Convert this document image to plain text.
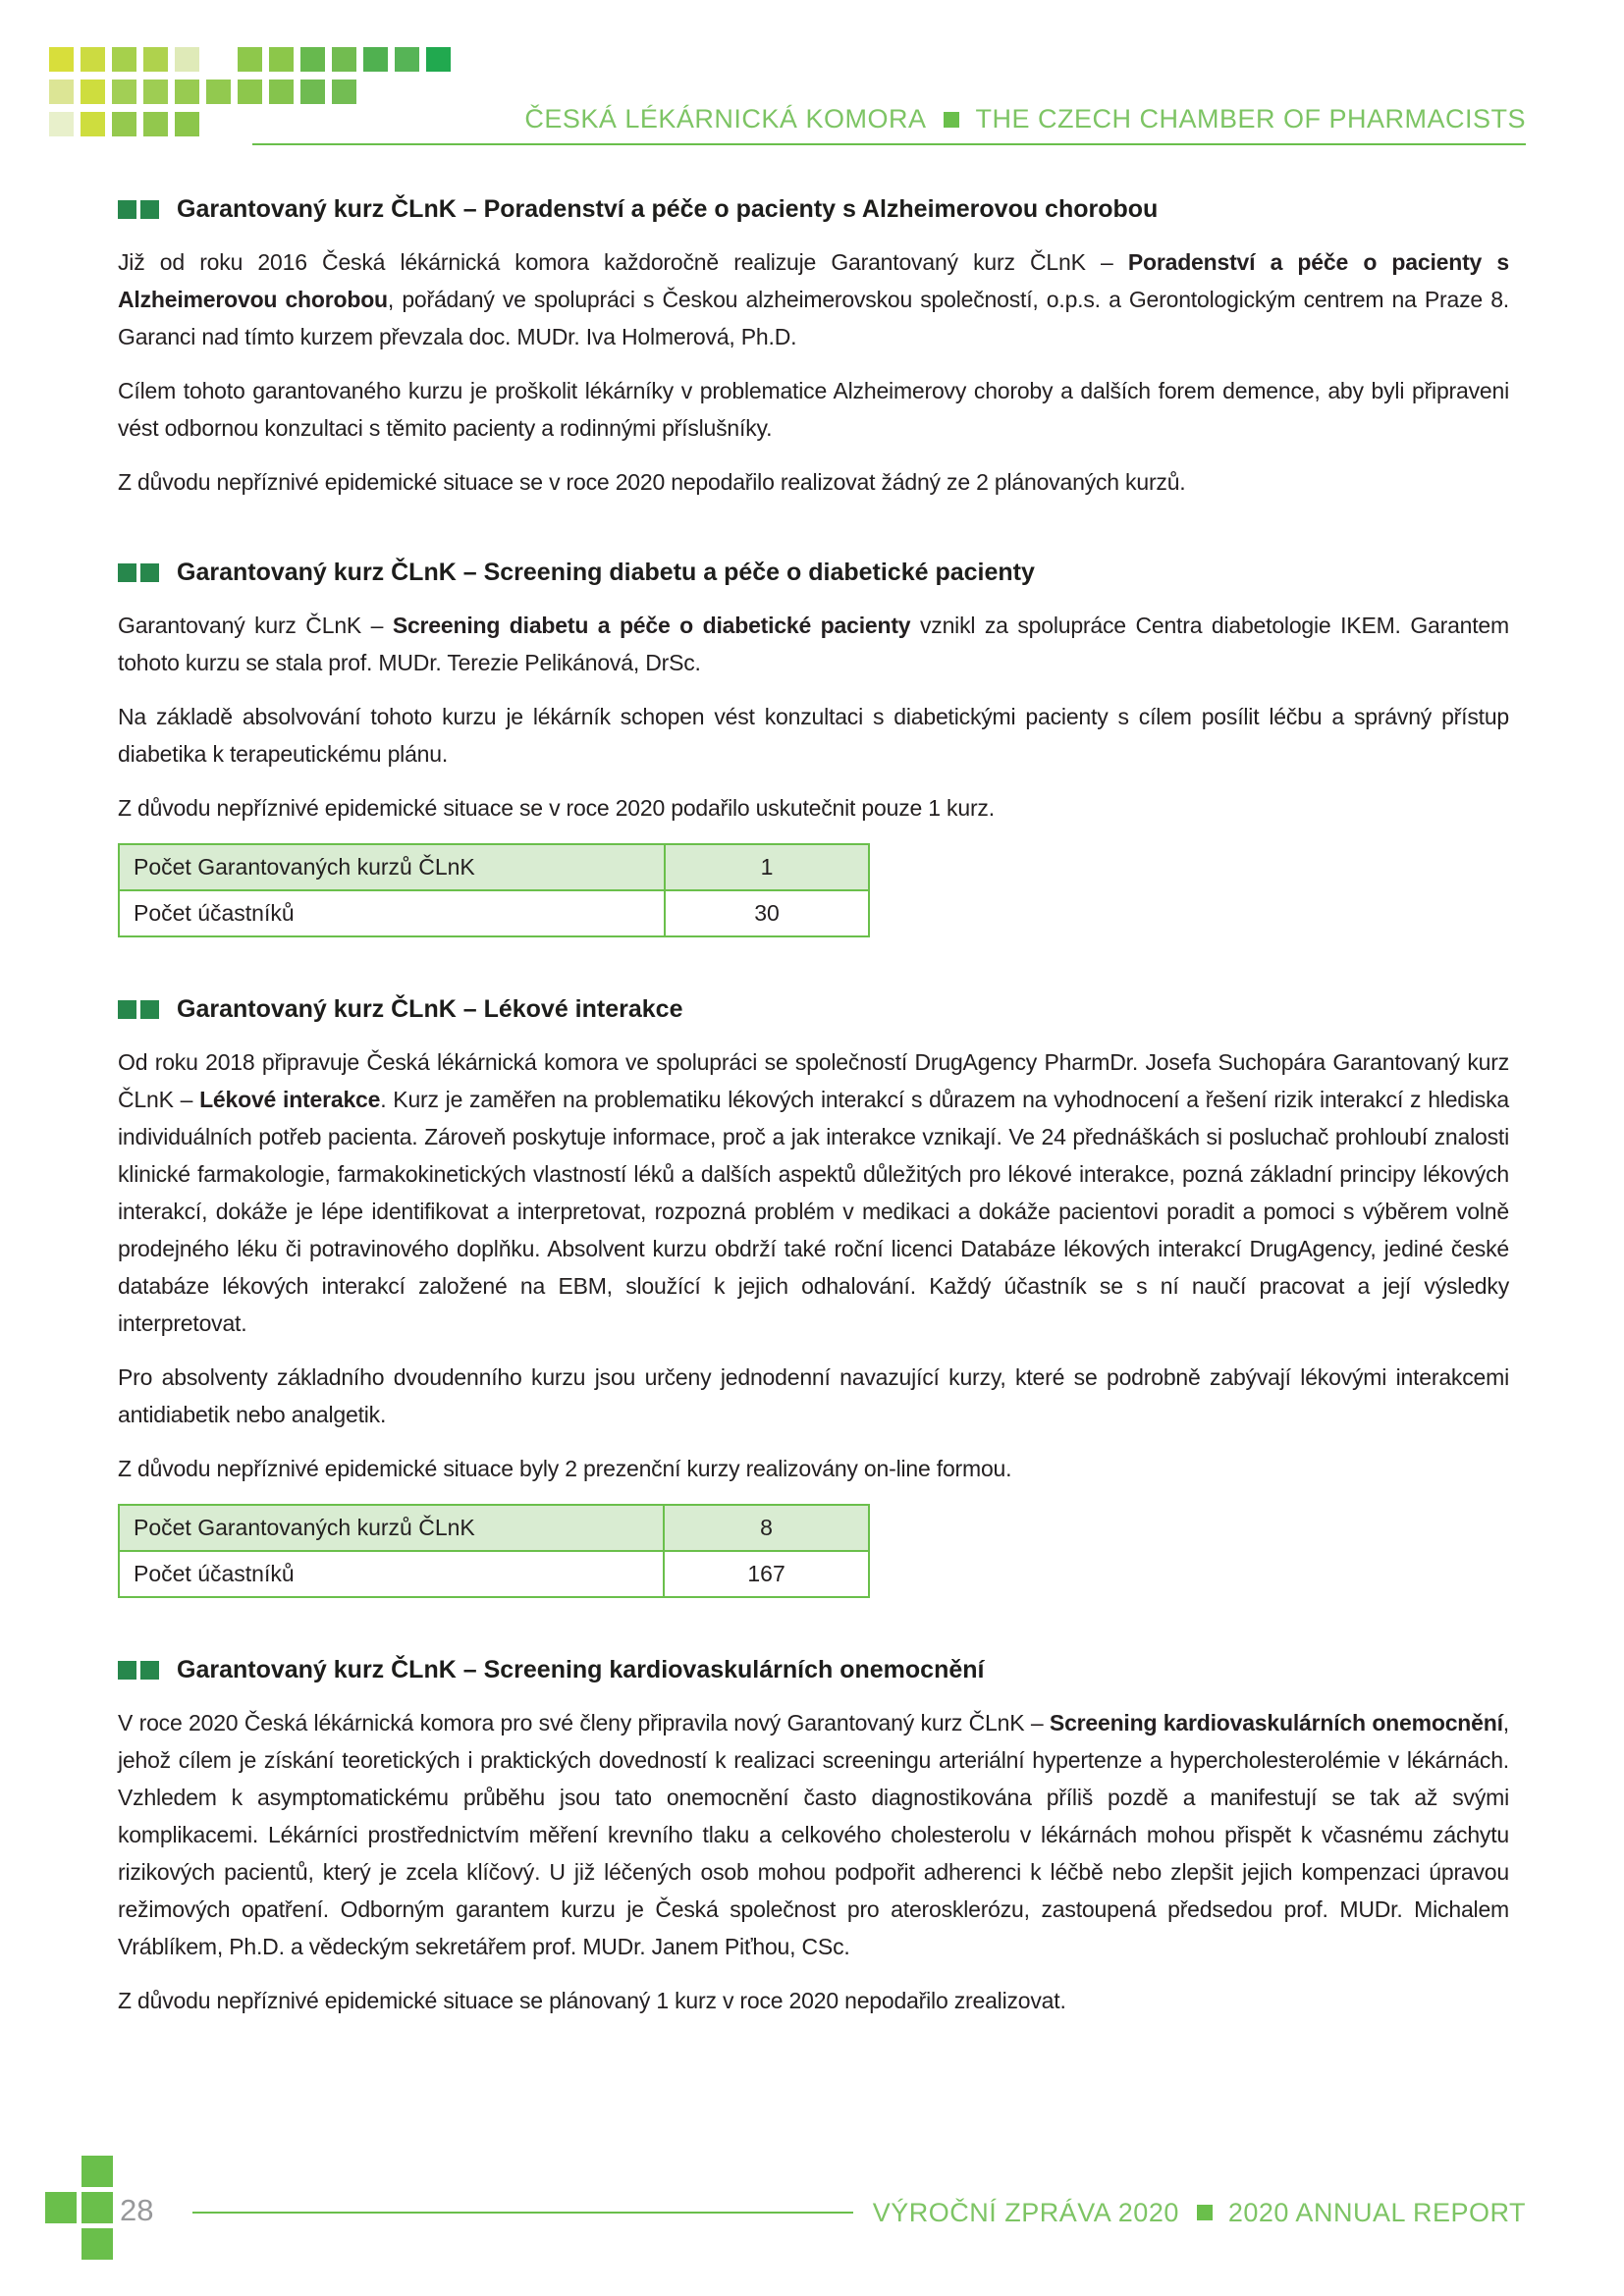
ČESKÁ LÉKÁRNICKÁ KOMORA THE CZECH CHAMBER OF PHARMACISTS
Garantovaný kurz ČLnK – Poradenství a péče o pacienty s Alzheimerovou chorobou

Již od roku 2016 Česká lékárnická komora každoročně realizuje Garantovaný kurz ČLnK – Poradenství a péče o pacienty s Alzheimerovou chorobou, pořádaný ve spolupráci s Českou alzheimerovskou společností, o.p.s. a Gerontologickým centrem na Praze 8. Garanci nad tímto kurzem převzala doc. MUDr. Iva Holmerová, Ph.D.

Cílem tohoto garantovaného kurzu je proškolit lékárníky v problematice Alzheimerovy choroby a dalších forem demence, aby byli připraveni vést odbornou konzultaci s těmito pacienty a rodinnými příslušníky.

Z důvodu nepříznivé epidemické situace se v roce 2020 nepodařilo realizovat žádný ze 2 plánovaných kurzů.

Garantovaný kurz ČLnK – Screening diabetu a péče o diabetické pacienty

Garantovaný kurz ČLnK – Screening diabetu a péče o diabetické pacienty vznikl za spolupráce Centra diabetologie IKEM. Garantem tohoto kurzu se stala prof. MUDr. Terezie Pelikánová, DrSc.

Na základě absolvování tohoto kurzu je lékárník schopen vést konzultaci s diabetickými pacienty s cílem posílit léčbu a správný přístup diabetika k terapeutickému plánu.

Z důvodu nepříznivé epidemické situace se v roce 2020 podařilo uskutečnit pouze 1 kurz.

Počet Garantovaných kurzů ČLnK	1
Počet účastníků	30
Garantovaný kurz ČLnK – Lékové interakce

Od roku 2018 připravuje Česká lékárnická komora ve spolupráci se společností DrugAgency PharmDr. Josefa Suchopára Garantovaný kurz ČLnK – Lékové interakce. Kurz je zaměřen na problematiku lékových interakcí s důrazem na vyhodnocení a řešení rizik interakcí z hlediska individuálních potřeb pacienta. Zároveň poskytuje informace, proč a jak interakce vznikají. Ve 24 přednáškách si posluchač prohloubí znalosti klinické farmakologie, farmakokinetických vlastností léků a dalších aspektů důležitých pro lékové interakce, pozná základní principy lékových interakcí, dokáže je lépe identifikovat a interpretovat, rozpozná problém v medikaci a dokáže pacientovi poradit a pomoci s výběrem volně prodejného léku či potravinového doplňku. Absolvent kurzu obdrží také roční licenci Databáze lékových interakcí DrugAgency, jediné české databáze lékových interakcí založené na EBM, sloužící k jejich odhalování. Každý účastník se s ní naučí pracovat a její výsledky interpretovat.

Pro absolventy základního dvoudenního kurzu jsou určeny jednodenní navazující kurzy, které se podrobně zabývají lékovými interakcemi antidiabetik nebo analgetik.

Z důvodu nepříznivé epidemické situace byly 2 prezenční kurzy realizovány on-line formou.

Počet Garantovaných kurzů ČLnK	8
Počet účastníků	167
Garantovaný kurz ČLnK – Screening kardiovaskulárních onemocnění

V roce 2020 Česká lékárnická komora pro své členy připravila nový Garantovaný kurz ČLnK – Screening kardiovaskulárních onemocnění, jehož cílem je získání teoretických i praktických dovedností k realizaci screeningu arteriální hypertenze a hypercholesterolémie v lékárnách. Vzhledem k asymptomatickému průběhu jsou tato onemocnění často diagnostikována příliš pozdě a manifestují se tak až svými komplikacemi. Lékárníci prostřednictvím měření krevního tlaku a celkového cholesterolu v lékárnách mohou přispět k včasnému záchytu rizikových pacientů, který je zcela klíčový. U již léčených osob mohou podpořit adherenci k léčbě nebo zlepšit jejich kompenzaci úpravou režimových opatření. Odborným garantem kurzu je Česká společnost pro aterosklerózu, zastoupená předsedou prof. MUDr. Michalem Vráblíkem, Ph.D. a vědeckým sekretářem prof. MUDr. Janem Piťhou, CSc.

Z důvodu nepříznivé epidemické situace se plánovaný 1 kurz v roce 2020 nepodařilo zrealizovat.

28	VÝROČNÍ ZPRÁVA 2020 2020 ANNUAL REPORT
